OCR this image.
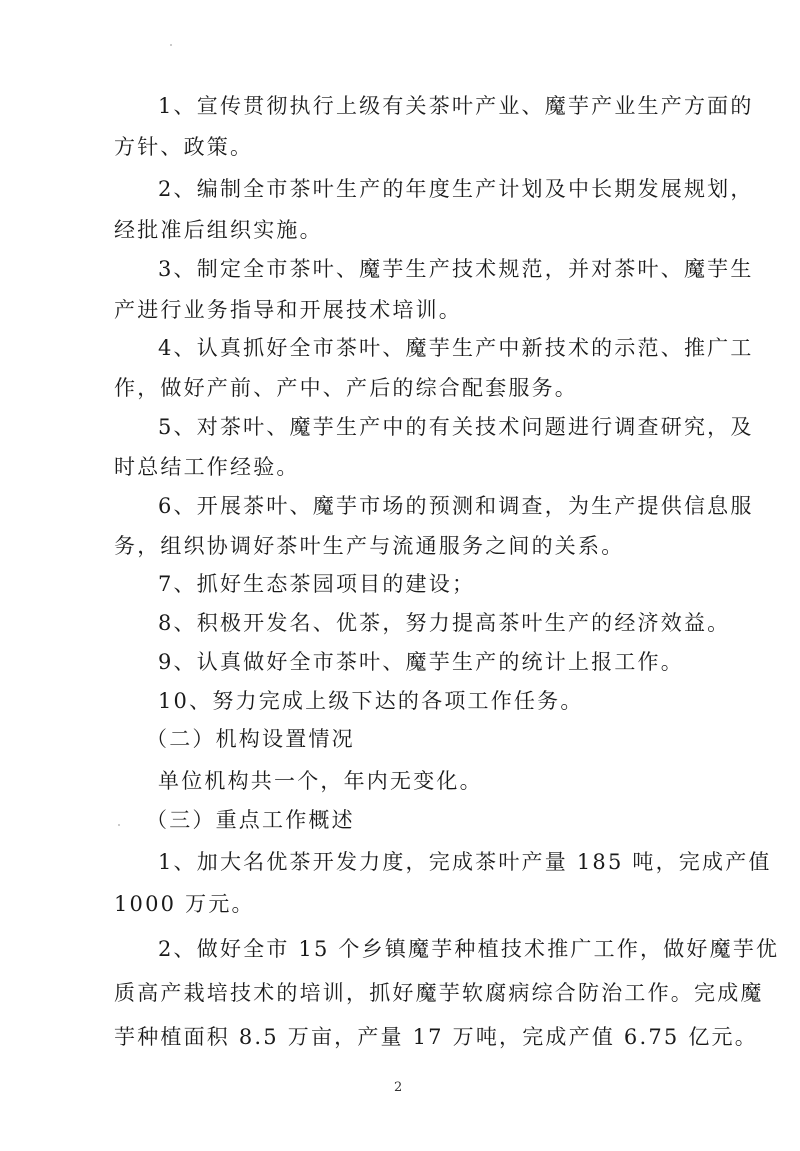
1、宣传贯彻执行上级有关茶叶产业、魔芋产业生产方面的
方针、政策。
2、编制全市茶叶生产的年度生产计划及中长期发展规划，
经批准后组织实施。
3、制定全市茶叶、魔芋生产技术规范，并对茶叶、魔芋生
产进行业务指导和开展技术培训。
4、认真抓好全市茶叶、魔芋生产中新技术的示范、推广工
作，做好产前、产中、产后的综合配套服务。
5、对茶叶、魔芋生产中的有关技术问题进行调查研究，及
时总结工作经验。
6、开展茶叶、魔芋市场的预测和调查，为生产提供信息服
务，组织协调好茶叶生产与流通服务之间的关系。
7、抓好生态茶园项目的建设；
8、积极开发名、优茶，努力提高茶叶生产的经济效益。
9、认真做好全市茶叶、魔芋生产的统计上报工作。
10、努力完成上级下达的各项工作任务。
（二）机构设置情况
单位机构共一个，年内无变化。
（三）重点工作概述
1、加大名优茶开发力度，完成茶叶产量 185 吨，完成产值
1000 万元。
2、做好全市 15 个乡镇魔芋种植技术推广工作，做好魔芋优
质高产栽培技术的培训，抓好魔芋软腐病综合防治工作。完成魔
芋种植面积 8.5 万亩，产量 17 万吨，完成产值 6.75 亿元。
2
